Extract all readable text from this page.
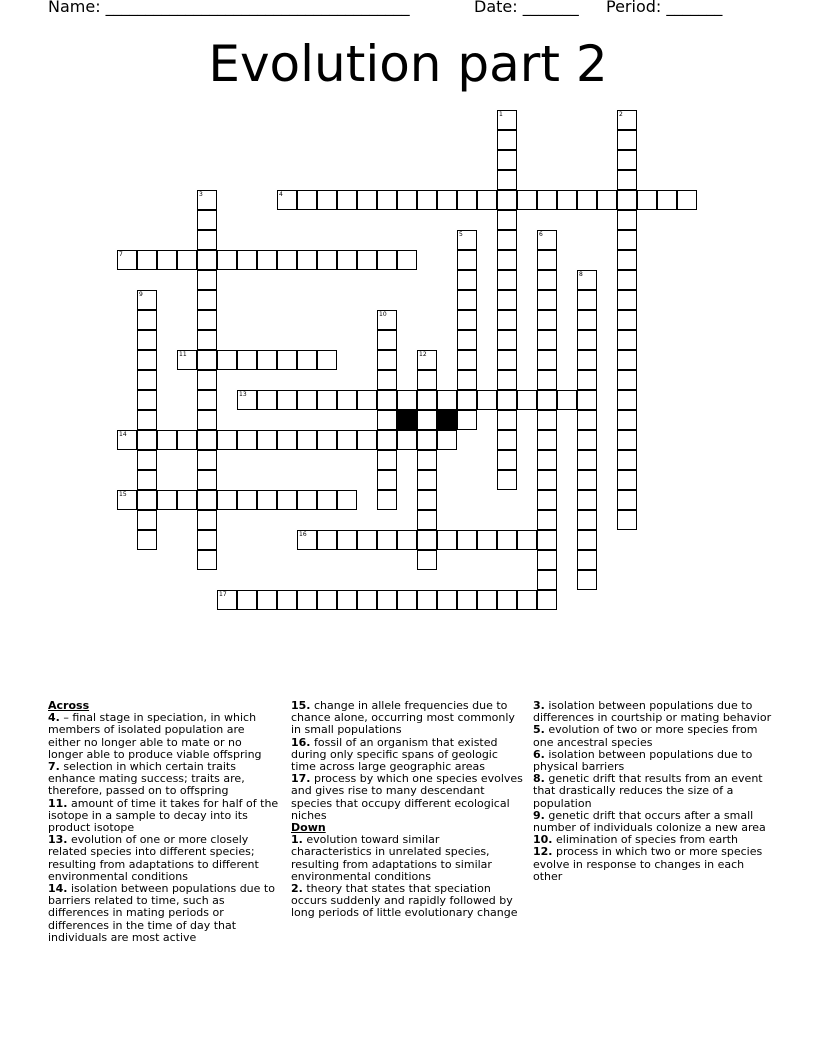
Name: ______________________________________	Date: _______ Period: _______
Evolution part 2
1	2
3	4
5	6
7
8
9
10
11	12
13
14
15
16
17
Across
4. – final stage in speciation, in which members of isolated population are either no longer able to mate or no longer able to produce viable offspring
7. selection in which certain traits enhance mating success; traits are, therefore, passed on to offspring
11. amount of time it takes for half of the isotope in a sample to decay into its product isotope
13. evolution of one or more closely related species into different species; resulting from adaptations to different environmental conditions
14. isolation between populations due to barriers related to time, such as differences in mating periods or differences in the time of day that individuals are most active
15. change in allele frequencies due to chance alone, occurring most commonly in small populations
16. fossil of an organism that existed during only specific spans of geologic time across large geographic areas
17. process by which one species evolves and gives rise to many descendant species that occupy different ecological niches
Down
1. evolution toward similar characteristics in unrelated species, resulting from adaptations to similar environmental conditions
2. theory that states that speciation occurs suddenly and rapidly followed by long periods of little evolutionary change
3. isolation between populations due to differences in courtship or mating behavior
5. evolution of two or more species from one ancestral species
6. isolation between populations due to physical barriers
8. genetic drift that results from an event that drastically reduces the size of a population
9. genetic drift that occurs after a small number of individuals colonize a new area
10. elimination of species from earth
12. process in which two or more species evolve in response to changes in each other
